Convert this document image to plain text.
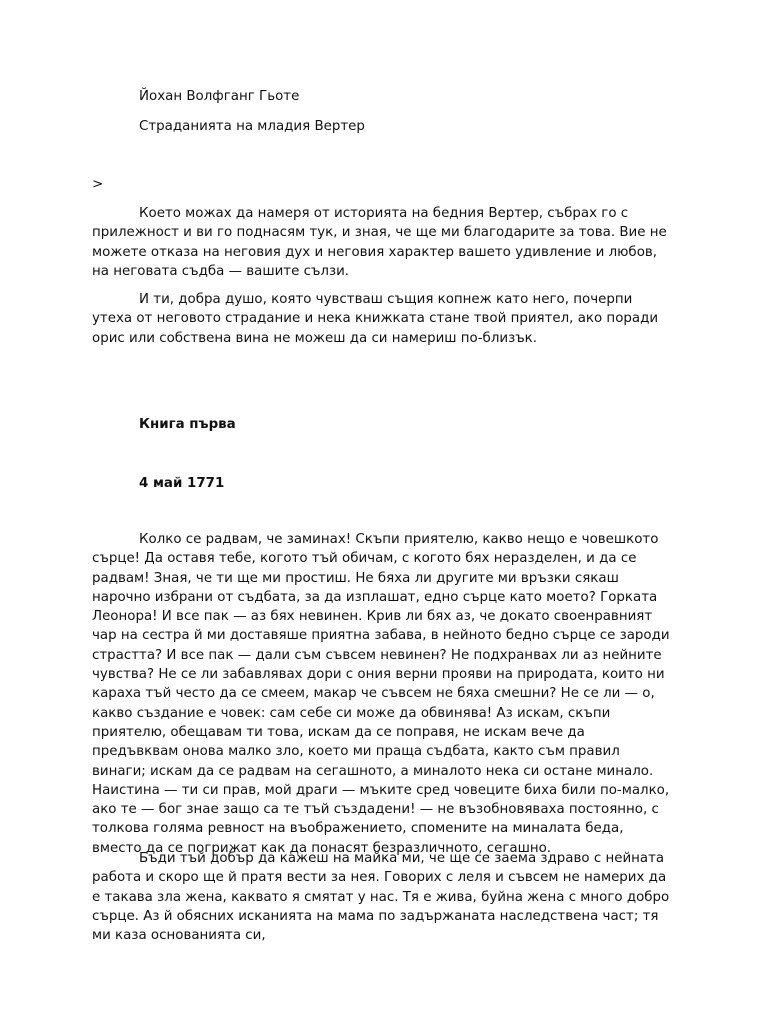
Йохан Волфганг Гьоте

Страданията на младия Вертер

>

Което можах да намеря от историята на бедния Вертер, събрах го с прилежност и ви го поднасям тук, и зная, че ще ми благодарите за това. Вие не можете отказа на неговия дух и неговия характер вашето удивление и любов, на неговата съдба — вашите сълзи.

И ти, добра душо, която чувстваш същия копнеж като него, почерпи утеха от неговото страдание и нека книжката стане твой приятел, ако поради орис или собствена вина не можеш да си намериш по-близък.

Книга първа

4 май 1771

Колко се радвам, че заминах! Скъпи приятелю, какво нещо е човешкото сърце! Да оставя тебе, когото тъй обичам, с когото бях неразделен, и да се радвам! Зная, че ти ще ми простиш. Не бяха ли другите ми връзки сякаш нарочно избрани от съдбата, за да изплашат, едно сърце като моето? Горката Леонора! И все пак — аз бях невинен. Крив ли бях аз, че докато своенравният чар на сестра й ми доставяше приятна забава, в нейното бедно сърце се зароди страстта? И все пак — дали съм съвсем невинен? Не подхранвах ли аз нейните чувства? Не се ли забавлявах дори с ония верни прояви на природата, които ни караха тъй често да се смеем, макар че съвсем не бяха смешни? Не се ли — о, какво създание е човек: сам себе си може да обвинява! Аз искам, скъпи приятелю, обещавам ти това, искам да се поправя, не искам вече да предъвквам онова малко зло, което ми праща съдбата, както съм правил винаги; искам да се радвам на сегашното, а миналото нека си остане минало. Наистина — ти си прав, мой драги — мъките сред човеците биха били по-малко, ако те — бог знае защо са те тъй създадени! — не възобновяваха постоянно, с толкова голяма ревност на въображението, спомените на миналата беда, вместо да се погрижат как да понасят безразличното, сегашно.

Бъди тъй добър да кажеш на майка ми, че ще се заема здраво с нейната работа и скоро ще й пратя вести за нея. Говорих с леля и съвсем не намерих да е такава зла жена, каквато я смятат у нас. Тя е жива, буйна жена с много добро сърце. Аз й обясних исканията на мама по задържаната наследствена част; тя ми каза основанията си,
